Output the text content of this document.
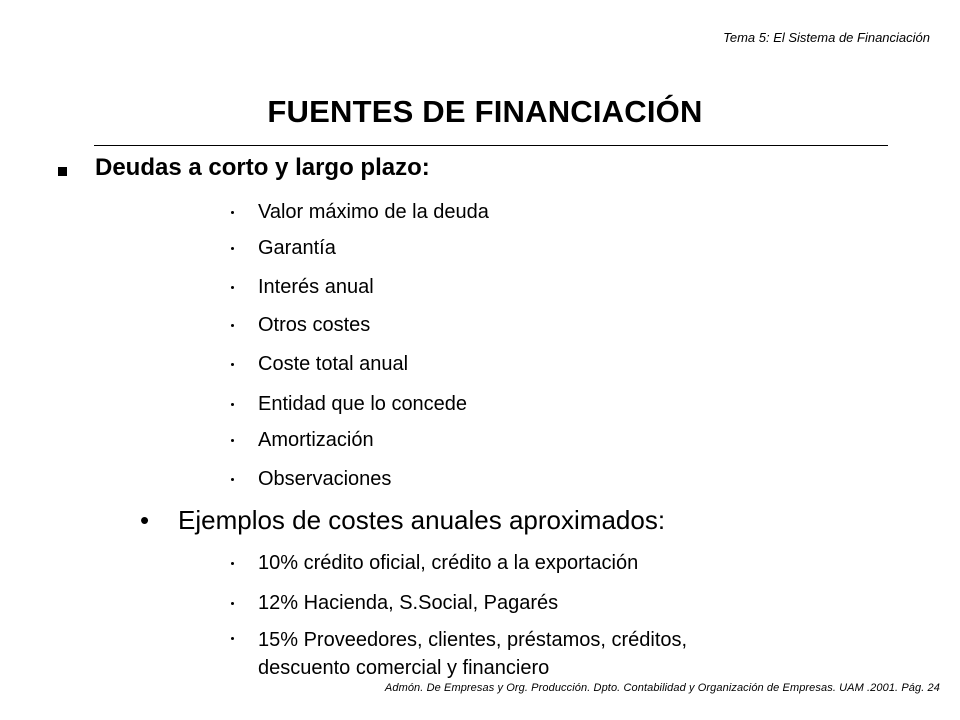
Tema 5: El Sistema de Financiación
FUENTES DE FINANCIACIÓN
Deudas a corto y largo plazo:
Valor máximo de la deuda
Garantía
Interés anual
Otros costes
Coste total anual
Entidad que lo concede
Amortización
Observaciones
• Ejemplos de costes anuales aproximados:
10% crédito oficial, crédito a la exportación
12% Hacienda, S.Social, Pagarés
15% Proveedores, clientes, préstamos, créditos,
descuento comercial y financiero
Admón. De Empresas y Org. Producción. Dpto. Contabilidad y Organización de Empresas. UAM .2001. Pág. 24
